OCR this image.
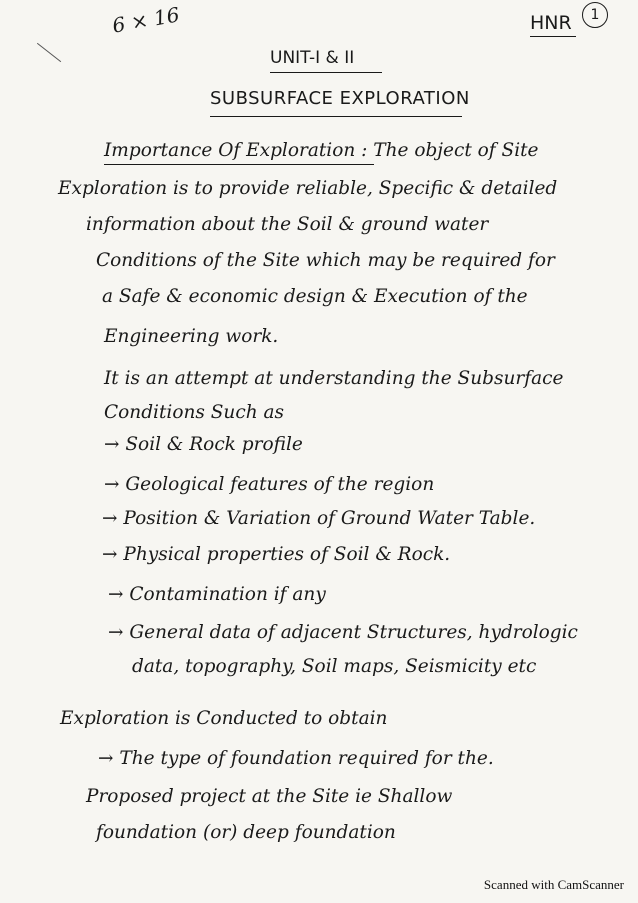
6 × 16	HNR	1
UNIT-I & II
SUBSURFACE EXPLORATION
Importance Of Exploration : The object of Site
Exploration is to provide reliable, Specific & detailed
information about the Soil & ground water
Conditions of the Site which may be required for
a Safe & economic design & Execution of the
Engineering work.
It is an attempt at understanding the Subsurface
Conditions Such as
→ Soil & Rock profile
→ Geological features of the region
→ Position & Variation of Ground Water Table.
→ Physical properties of Soil & Rock.
→ Contamination if any
→ General data of adjacent Structures, hydrologic
data, topography, Soil maps, Seismicity etc
Exploration is Conducted to obtain
→ The type of foundation required for the.
Proposed project at the Site ie Shallow
foundation (or) deep foundation
Scanned with CamScanner
